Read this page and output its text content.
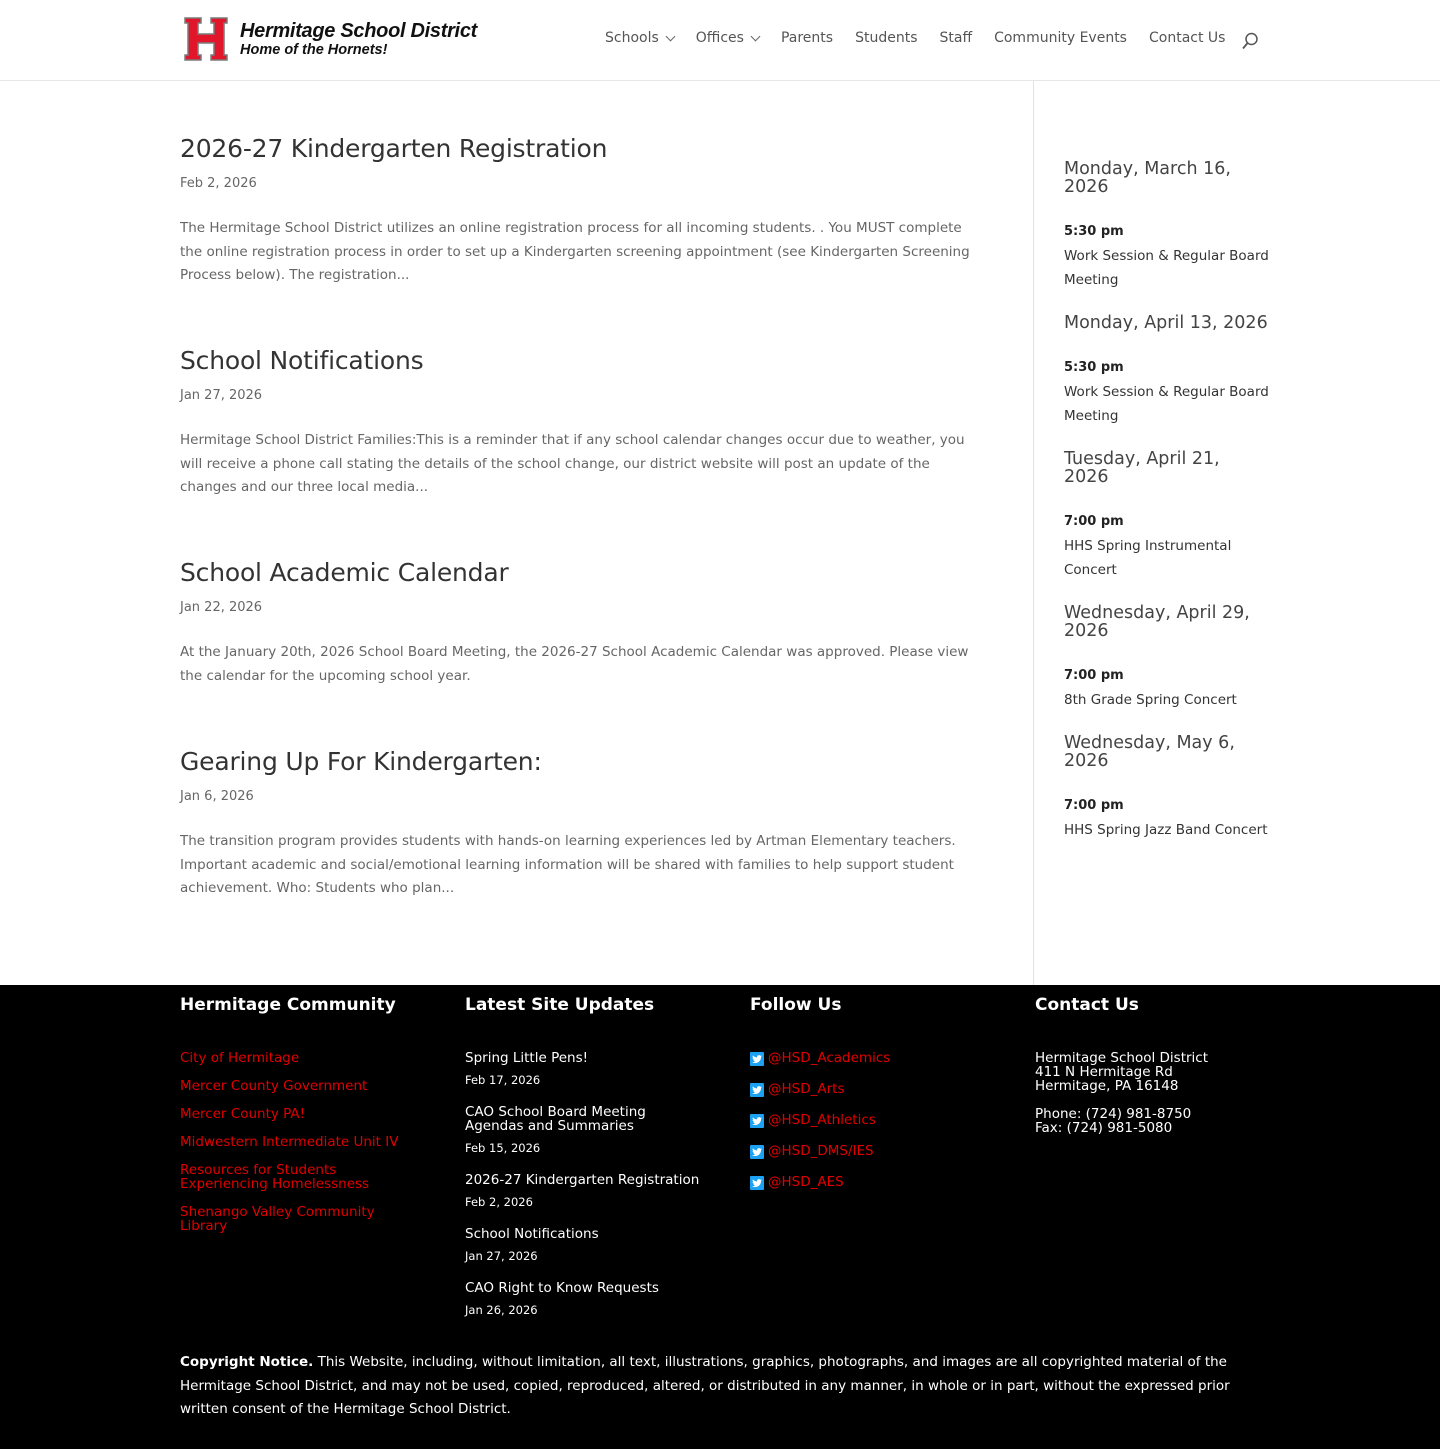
Hermitage School District
Home of the Hornets!
Schools	Offices	Parents Students Staff Community Events Contact Us
2026-27 Kindergarten Registration
Feb 2, 2026

The Hermitage School District utilizes an online registration process for all incoming students. . You MUST complete the online registration process in order to set up a Kindergarten screening appointment (see Kindergarten Screening Process below). The registration...

School Notifications
Jan 27, 2026

Hermitage School District Families:This is a reminder that if any school calendar changes occur due to weather, you will receive a phone call stating the details of the school change, our district website will post an update of the changes and our three local media...

School Academic Calendar
Jan 22, 2026

At the January 20th, 2026 School Board Meeting, the 2026-27 School Academic Calendar was approved. Please view the calendar for the upcoming school year.

Gearing Up For Kindergarten:
Jan 6, 2026

The transition program provides students with hands-on learning experiences led by Artman Elementary teachers. Important academic and social/emotional learning information will be shared with families to help support student achievement. Who: Students who plan...

Monday, March 16, 2026
5:30 pm
Work Session & Regular Board Meeting
Monday, April 13, 2026
5:30 pm
Work Session & Regular Board Meeting
Tuesday, April 21, 2026
7:00 pm
HHS Spring Instrumental Concert
Wednesday, April 29, 2026
7:00 pm
8th Grade Spring Concert
Wednesday, May 6, 2026
7:00 pm
HHS Spring Jazz Band Concert
Hermitage Community
City of Hermitage
Mercer County Government
Mercer County PA!
Midwestern Intermediate Unit IV
Resources for Students Experiencing Homelessness
Shenango Valley Community Library
Latest Site Updates
Spring Little Pens!
Feb 17, 2026
CAO School Board Meeting Agendas and Summaries
Feb 15, 2026
2026-27 Kindergarten Registration
Feb 2, 2026
School Notifications
Jan 27, 2026
CAO Right to Know Requests
Jan 26, 2026
Follow Us
@HSD_Academics
@HSD_Arts
@HSD_Athletics
@HSD_DMS/IES
@HSD_AES
Contact Us
Hermitage School District
411 N Hermitage Rd
Hermitage, PA 16148
Phone: (724) 981-8750
Fax: (724) 981-5080

Copyright Notice. This Website, including, without limitation, all text, illustrations, graphics, photographs, and images are all copyrighted material of the Hermitage School District, and may not be used, copied, reproduced, altered, or distributed in any manner, in whole or in part, without the expressed prior written consent of the Hermitage School District.
